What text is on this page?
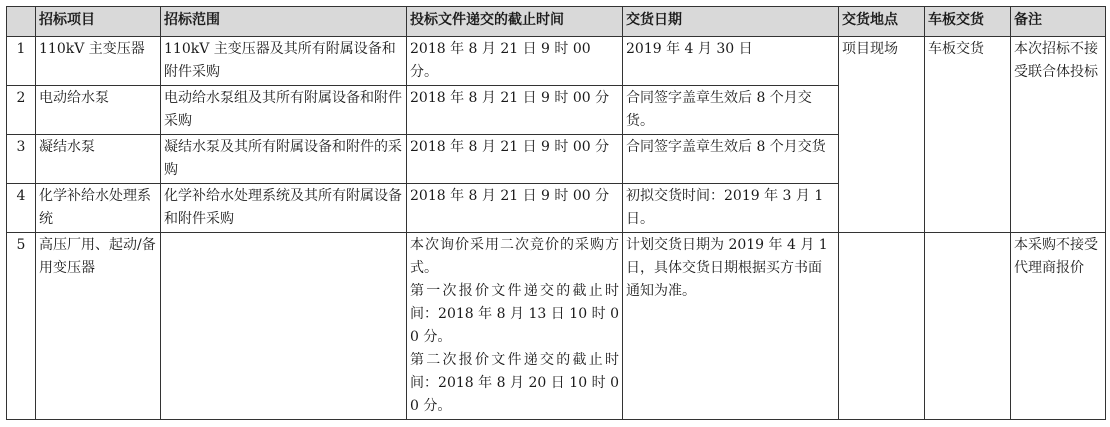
	招标项目	招标范围	投标文件递交的截止时间	交货日期	交货地点	车板交货	备注
1	110kV 主变压器	110kV 主变压器及其所有附属设备和附件采购	2018 年 8 月 21 日 9 时 00 分。	2019 年 4 月 30 日	项目现场	车板交货	本次招标不接受联合体投标
2	电动给水泵	电动给水泵组及其所有附属设备和附件采购	2018 年 8 月 21 日 9 时 00 分	合同签字盖章生效后 8 个月交货。			
3	凝结水泵	凝结水泵及其所有附属设备和附件的采购	2018 年 8 月 21 日 9 时 00 分	合同签字盖章生效后 8 个月交货			
4	化学补给水处理系统	化学补给水处理系统及其所有附属设备和附件采购	2018 年 8 月 21 日 9 时 00 分	初拟交货时间：2019 年 3 月 1 日。			
5	高压厂用、起动/备用变压器		本次询价采用二次竞价的采购方式。
第一次报价文件递交的截止时间：2018 年 8 月 13 日 10 时 00 分。
第二次报价文件递交的截止时间：2018 年 8 月 20 日 10 时 00 分。	计划交货日期为 2019 年 4 月 1 日，具体交货日期根据买方书面通知为准。			本采购不接受代理商报价
